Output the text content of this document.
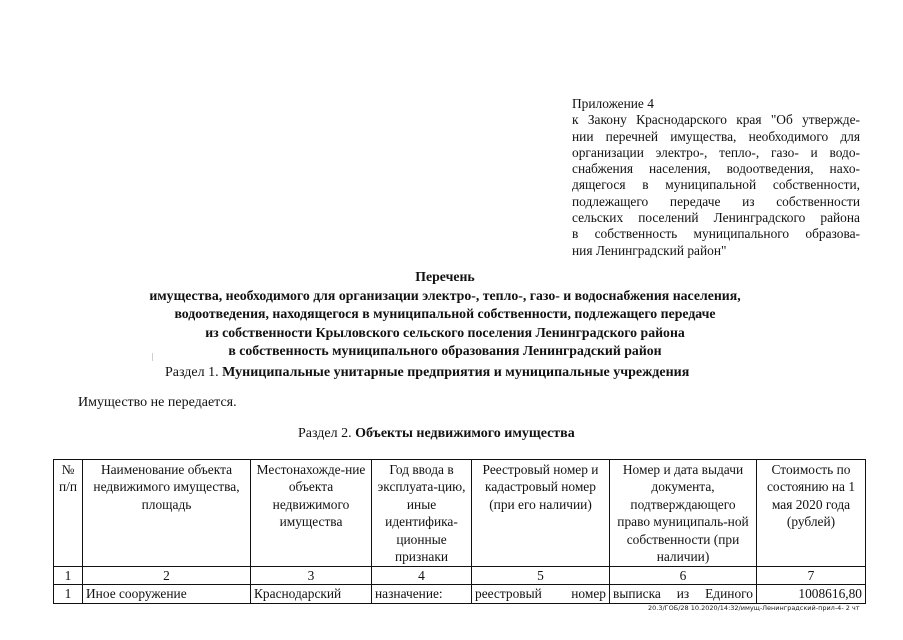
Приложение 4
к Закону Краснодарского края "Об утвержде-
нии перечней имущества, необходимого для
организации электро-, тепло-, газо- и водо-
снабжения населения, водоотведения, нахо-
дящегося в муниципальной собственности,
подлежащего передаче из собственности
сельских поселений Ленинградского района
в собственность муниципального образова-
ния Ленинградский район"
Перечень
имущества, необходимого для организации электро-, тепло-, газо- и водоснабжения населения,
водоотведения, находящегося в муниципальной собственности, подлежащего передаче
из собственности Крыловского сельского поселения Ленинградского района
в собственность муниципального образования Ленинградский район
Раздел 1. Муниципальные унитарные предприятия и муниципальные учреждения
Имущество не передается.
Раздел 2. Объекты недвижимого имущества
№ п/п	Наименование объекта недвижимого имущества, площадь	Местонахожде-ние объекта недвижимого имущества	Год ввода в эксплуата-цию, иные идентифика-ционные признаки	Реестровый номер и кадастровый номер (при его наличии)	Номер и дата выдачи документа, подтверждающего право муниципаль-ной собственности (при наличии)	Стоимость по состоянию на 1 мая 2020 года (рублей)
1	2	3	4	5	6	7
1	Иное сооружение	Краснодарский	назначение:	реестровый номер	выписка из Единого	1008616,80
20.3/ГОБ/28 10.2020/14:32/имущ-Ленинградский-прил-4- 2 чт
